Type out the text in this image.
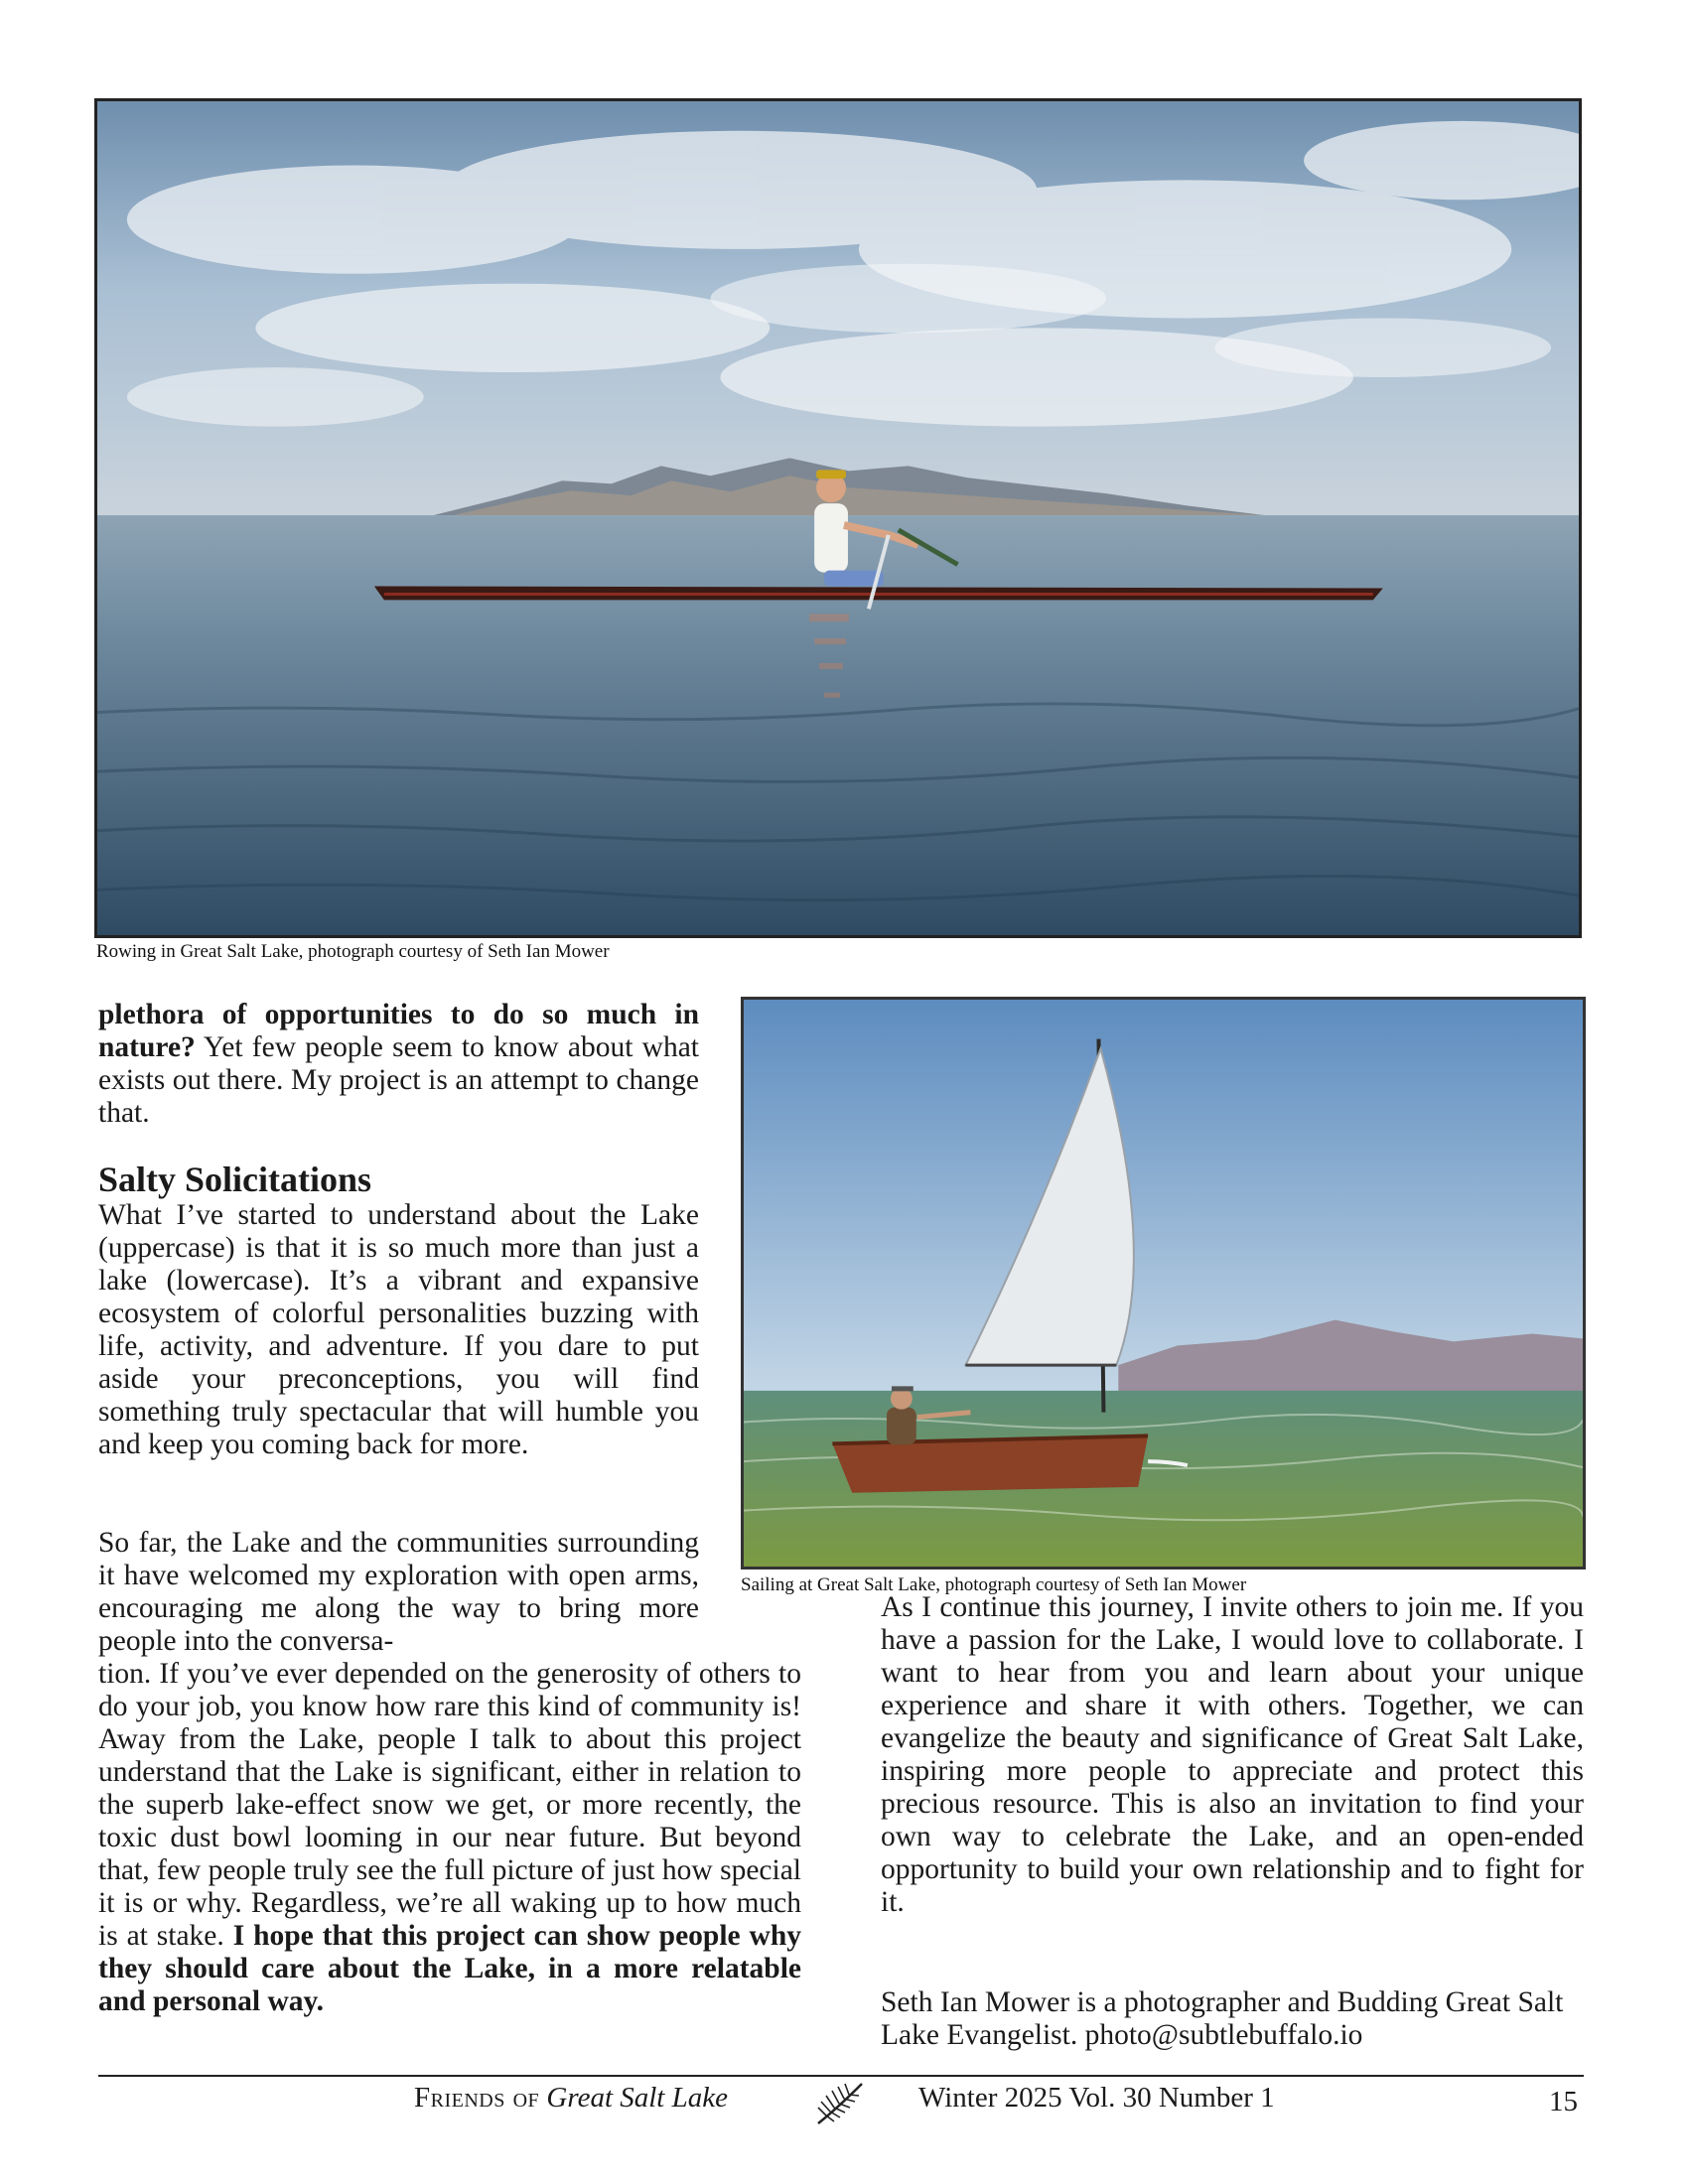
Rowing in Great Salt Lake, photograph courtesy of Seth Ian Mower
Sailing at Great Salt Lake, photograph courtesy of Seth Ian Mower

plethora of opportunities to do so much in nature? Yet few people seem to know about what exists out there. My project is an attempt to change that.

Salty Solicitations

What I’ve started to understand about the Lake (uppercase) is that it is so much more than just a lake (lowercase). It’s a vibrant and expansive ecosystem of colorful personalities buzzing with life, activity, and adventure. If you dare to put aside your preconceptions, you will find something truly spectacular that will humble you and keep you coming back for more.

So far, the Lake and the communities surrounding it have welcomed my exploration with open arms, encouraging me along the way to bring more people into the conversa-

tion. If you’ve ever depended on the generosity of others to do your job, you know how rare this kind of community is! Away from the Lake, people I talk to about this project understand that the Lake is significant, either in relation to the superb lake-effect snow we get, or more recently, the toxic dust bowl looming in our near future. But beyond that, few people truly see the full picture of just how special it is or why. Regardless, we’re all waking up to how much is at stake. I hope that this project can show people why they should care about the Lake, in a more relatable and personal way.

As I continue this journey, I invite others to join me. If you have a passion for the Lake, I would love to collaborate. I want to hear from you and learn about your unique experience and share it with others. Together, we can evangelize the beauty and significance of Great Salt Lake, inspiring more people to appreciate and protect this precious resource. This is also an invitation to find your own way to celebrate the Lake, and an open-ended opportunity to build your own relationship and to fight for it.

Seth Ian Mower is a photographer and Budding Great Salt Lake Evangelist. photo@subtlebuffalo.io

Friends of Great Salt Lake	Winter 2025 Vol. 30 Number 1	15
